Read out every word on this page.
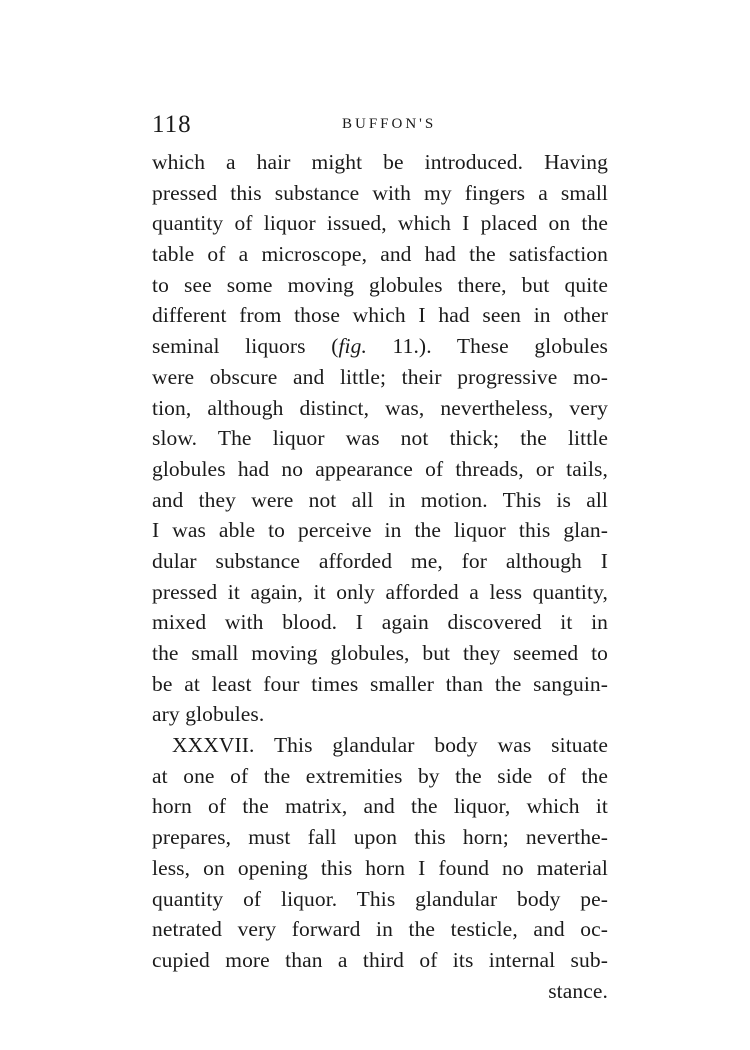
118	BUFFON'S
which a hair might be introduced. Having
pressed this substance with my fingers a small
quantity of liquor issued, which I placed on the
table of a microscope, and had the satisfaction
to see some moving globules there, but quite
different from those which I had seen in other
seminal liquors (fig. 11.). These globules
were obscure and little; their progressive mo-
tion, although distinct, was, nevertheless, very
slow. The liquor was not thick; the little
globules had no appearance of threads, or tails,
and they were not all in motion. This is all
I was able to perceive in the liquor this glan-
dular substance afforded me, for although I
pressed it again, it only afforded a less quantity,
mixed with blood. I again discovered it in
the small moving globules, but they seemed to
be at least four times smaller than the sanguin-
ary globules.
XXXVII. This glandular body was situate
at one of the extremities by the side of the
horn of the matrix, and the liquor, which it
prepares, must fall upon this horn; neverthe-
less, on opening this horn I found no material
quantity of liquor. This glandular body pe-
netrated very forward in the testicle, and oc-
cupied more than a third of its internal sub-
stance.
